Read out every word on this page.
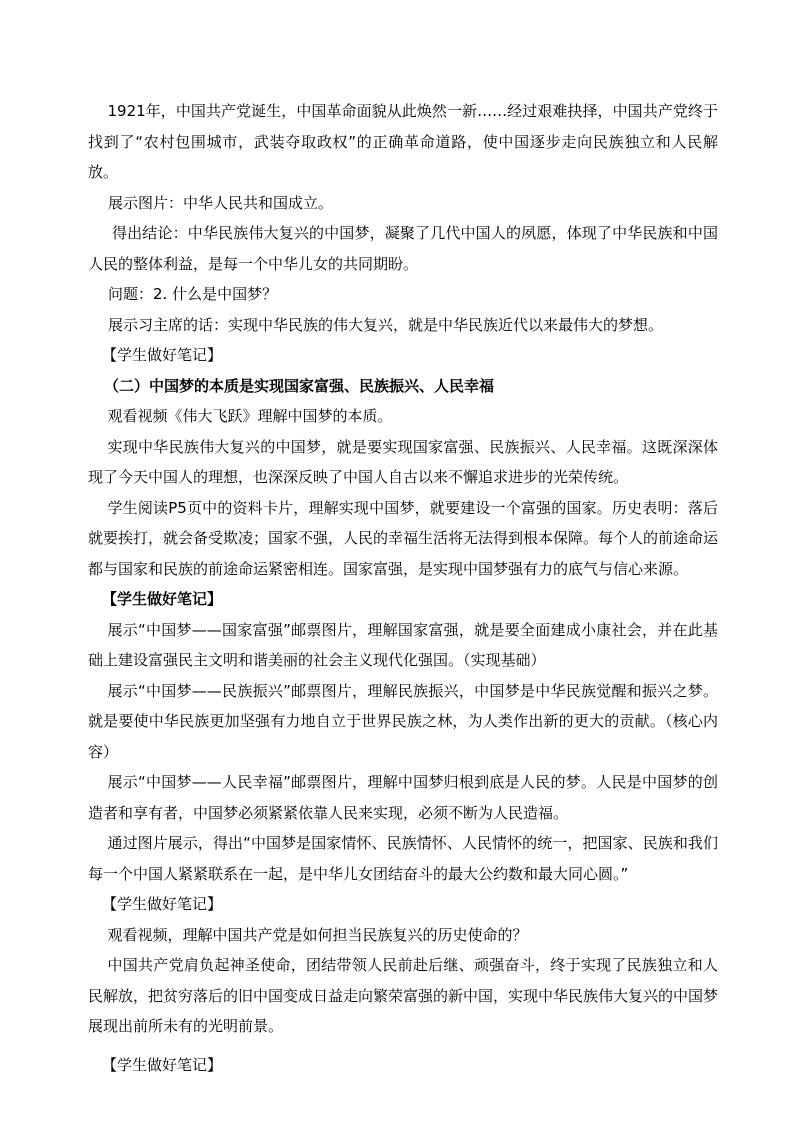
1921年，中国共产党诞生，中国革命面貌从此焕然一新……经过艰难抉择，中国共产党终于找到了“农村包围城市，武装夺取政权”的正确革命道路，使中国逐步走向民族独立和人民解放。

展示图片：中华人民共和国成立。

得出结论：中华民族伟大复兴的中国梦，凝聚了几代中国人的夙愿，体现了中华民族和中国人民的整体利益，是每一个中华儿女的共同期盼。

问题：2. 什么是中国梦？

展示习主席的话：实现中华民族的伟大复兴，就是中华民族近代以来最伟大的梦想。

【学生做好笔记】

（二）中国梦的本质是实现国家富强、民族振兴、人民幸福

观看视频《伟大飞跃》理解中国梦的本质。

实现中华民族伟大复兴的中国梦，就是要实现国家富强、民族振兴、人民幸福。这既深深体现了今天中国人的理想，也深深反映了中国人自古以来不懈追求进步的光荣传统。

学生阅读P5页中的资料卡片，理解实现中国梦，就要建设一个富强的国家。历史表明：落后就要挨打，就会备受欺凌；国家不强，人民的幸福生活将无法得到根本保障。每个人的前途命运都与国家和民族的前途命运紧密相连。国家富强，是实现中国梦强有力的底气与信心来源。

【学生做好笔记】

展示“中国梦——国家富强”邮票图片，理解国家富强，就是要全面建成小康社会，并在此基础上建设富强民主文明和谐美丽的社会主义现代化强国。（实现基础）

展示“中国梦——民族振兴”邮票图片，理解民族振兴，中国梦是中华民族觉醒和振兴之梦。就是要使中华民族更加坚强有力地自立于世界民族之林，为人类作出新的更大的贡献。（核心内容）

展示“中国梦——人民幸福”邮票图片，理解中国梦归根到底是人民的梦。人民是中国梦的创造者和享有者，中国梦必须紧紧依靠人民来实现，必须不断为人民造福。

通过图片展示，得出“中国梦是国家情怀、民族情怀、人民情怀的统一，把国家、民族和我们每一个中国人紧紧联系在一起，是中华儿女团结奋斗的最大公约数和最大同心圆。”

【学生做好笔记】

观看视频，理解中国共产党是如何担当民族复兴的历史使命的？

中国共产党肩负起神圣使命，团结带领人民前赴后继、顽强奋斗，终于实现了民族独立和人民解放，把贫穷落后的旧中国变成日益走向繁荣富强的新中国，实现中华民族伟大复兴的中国梦展现出前所未有的光明前景。

【学生做好笔记】
